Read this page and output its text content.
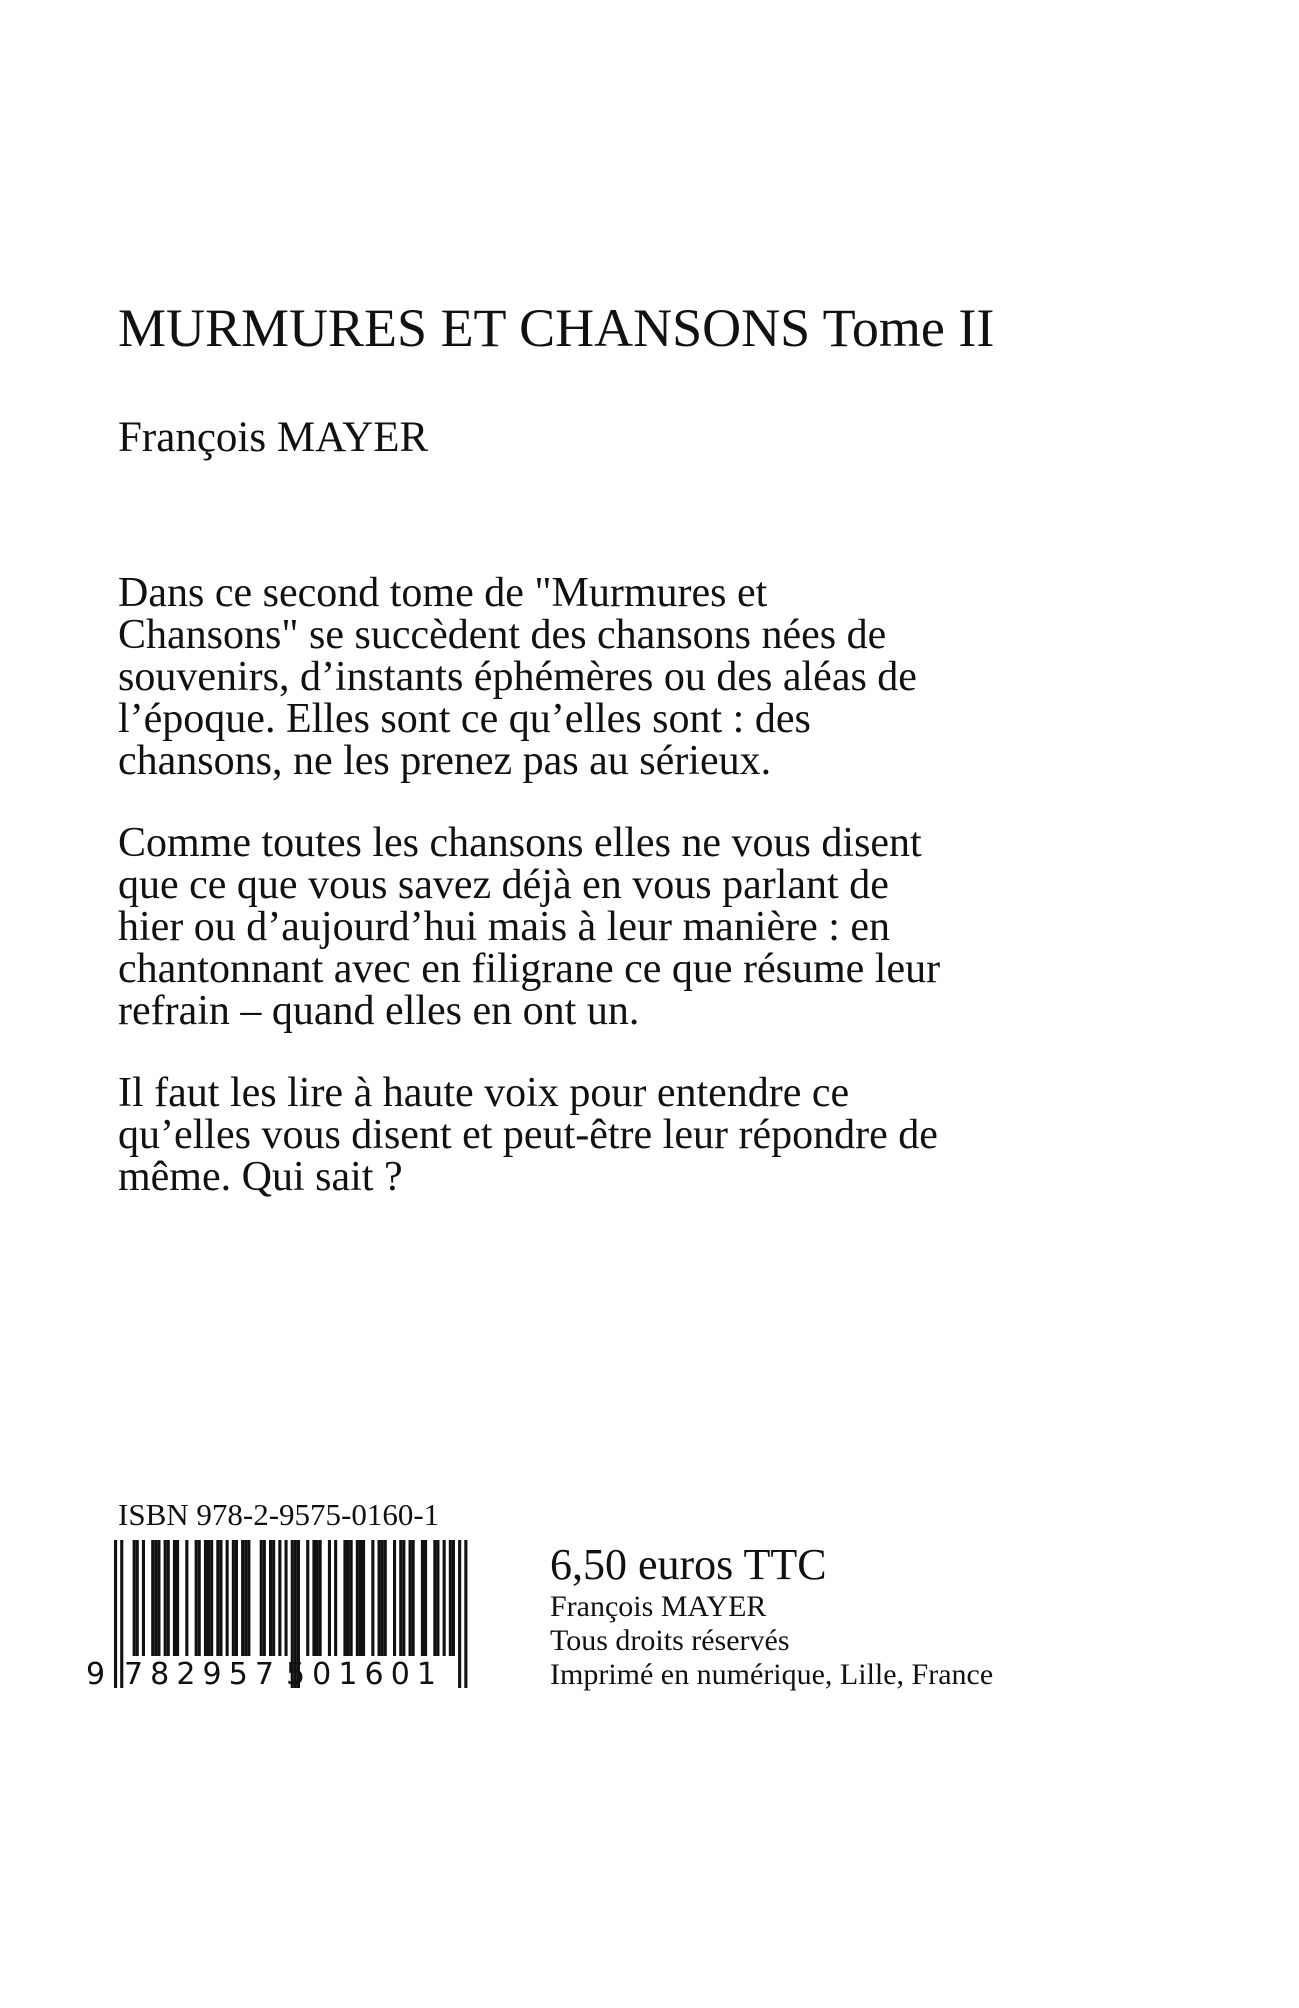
MURMURES ET CHANSONS Tome II
François MAYER

Dans ce second tome de "Murmures et Chansons" se succèdent des chansons nées de souvenirs, d’instants éphémères ou des aléas de l’époque. Elles sont ce qu’elles sont : des chansons, ne les prenez pas au sérieux.

Comme toutes les chansons elles ne vous disent que ce que vous savez déjà en vous parlant de hier ou d’aujourd’hui mais à leur manière : en chantonnant avec en filigrane ce que résume leur refrain – quand elles en ont un.

Il faut les lire à haute voix pour entendre ce qu’elles vous disent et peut-être leur répondre de même. Qui sait ?

ISBN 978-2-9575-0160-1
9 782957 501601
6,50 euros TTC
François MAYER
Tous droits réservés
Imprimé en numérique, Lille, France
